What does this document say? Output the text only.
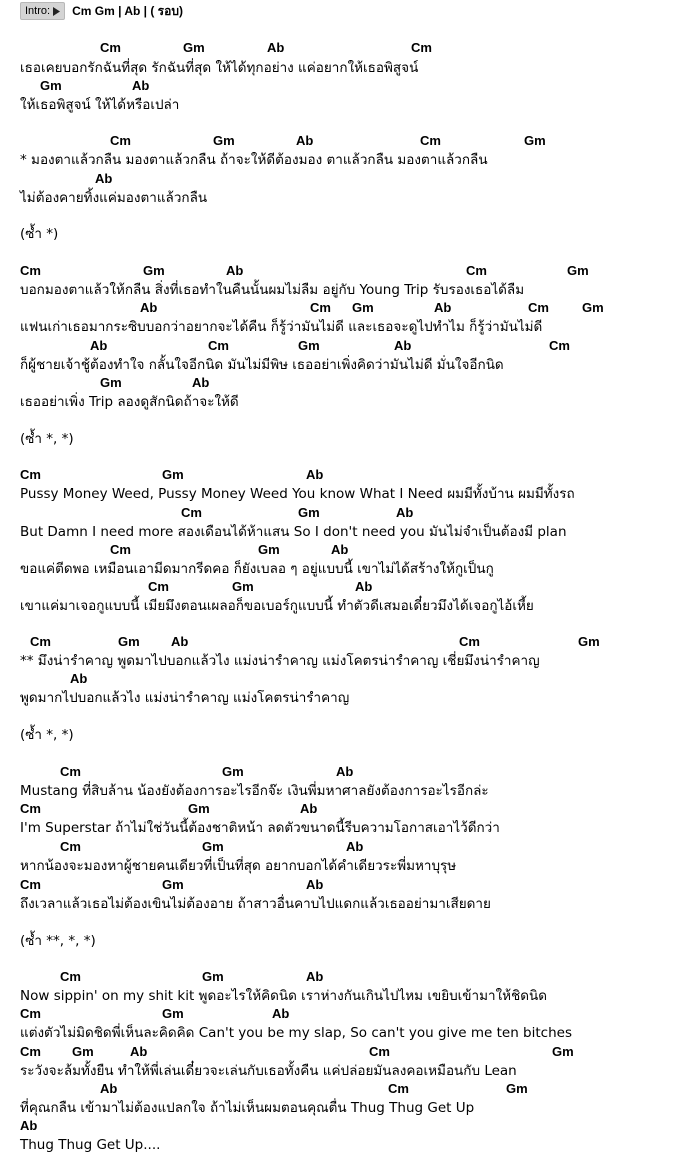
Intro: Cm Gm | Ab | ( รอบ)
Cm	Gm	Ab	Cm
เธอเคยบอกรักฉันที่สุด รักฉันที่สุด ให้ได้ทุกอย่าง แค่อยากให้เธอพิสูจน์
Gm	Ab
ให้เธอพิสูจน์ ให้ได้หรือเปล่า
Cm	Gm	Ab	Cm	Gm
* มองตาแล้วกลืน มองตาแล้วกลืน ถ้าจะให้ดีต้องมอง ตาแล้วกลืน มองตาแล้วกลืน
Ab
ไม่ต้องคายทิ้งแค่มองตาแล้วกลืน
(ซ้ำ *)
Cm	Gm	Ab	Cm	Gm
บอกมองตาแล้วให้กลืน สิ่งที่เธอทำในคืนนั้นผมไม่ลืม อยู่กับ Young Trip รับรองเธอได้ลืม
Ab	Cm Gm	Ab	Cm	Gm
แฟนเก่าเธอมากระซิบบอกว่าอยากจะได้คืน ก็รู้ว่ามันไม่ดี และเธอจะดูไปทำไม ก็รู้ว่ามันไม่ดี
Ab	Cm	Gm	Ab	Cm
ก็ผู้ชายเจ้าชู้ต้องทำใจ กลั้นใจอีกนิด มันไม่มีพิษ เธออย่าเพิ่งคิดว่ามันไม่ดี มั่นใจอีกนิด
Gm	Ab
เธออย่าเพิ่ง Trip ลองดูสักนิดถ้าจะให้ดี
(ซ้ำ *, *)
Cm	Gm	Ab
Pussy Money Weed, Pussy Money Weed You know What I Need ผมมีทั้งบ้าน ผมมีทั้งรถ
Cm	Gm	Ab
But Damn I need more สองเดือนได้ห้าแสน So I don't need you มันไม่จำเป็นต้องมี plan
Cm	Gm	Ab
ขอแค่ตีดพอ เหมือนเอามีดมากรีดคอ ก็ยังเบลอ ๆ อยู่แบบนี้ เขาไม่ได้สร้างให้กูเป็นกู
Cm	Gm	Ab
เขาแค่มาเจอกูแบบนี้ เมียมึงตอนเผลอก็ขอเบอร์กูแบบนี้ ทำตัวดีเสมอเดี๋ยวมึงได้เจอกูไอ้เหี้ย
Cm	Gm Ab	Cm	Gm
** มึงน่ารำคาญ พูดมาไปบอกแล้วไง แม่งน่ารำคาญ แม่งโคตรน่ารำคาญ เชี่ยมึงน่ารำคาญ
Ab
พูดมากไปบอกแล้วไง แม่งน่ารำคาญ แม่งโคตรน่ารำคาญ
(ซ้ำ *, *)
Cm	Gm	Ab
Mustang ที่สิบล้าน น้องยังต้องการอะไรอีกจ๊ะ เงินพี่มหาศาลยังต้องการอะไรอีกล่ะ
Cm	Gm	Ab
I'm Superstar ถ้าไม่ใช่วันนี้ต้องชาติหน้า ลดตัวขนาดนี้รีบความโอกาสเอาไว้ดีกว่า
Cm	Gm	Ab
หากน้องจะมองหาผู้ชายคนเดียวที่เป็นที่สุด อยากบอกได้คำเดียวระพี่มหาบุรุษ
Cm	Gm	Ab
ถึงเวลาแล้วเธอไม่ต้องเขินไม่ต้องอาย ถ้าสาวอื่นคาบไปแดกแล้วเธออย่ามาเสียดาย
(ซ้ำ **, *, *)
Cm	Gm	Ab
Now sippin' on my shit kit พูดอะไรให้คิดนิด เราห่างกันเกินไปไหม เขยิบเข้ามาให้ชิดนิด
Cm	Gm	Ab
แต่งตัวไม่มิดชิดพี่เห็นละคิดคิด Can't you be my slap, So can't you give me ten bitches
Cm Gm	Ab	Cm	Gm
ระวังจะล้มทั้งยืน ทำให้พี่เล่นเดี๋ยวจะเล่นกับเธอทั้งคืน แค่ปล่อยมันลงคอเหมือนกับ Lean
Ab	Cm	Gm
ที่คุณกลืน เข้ามาไม่ต้องแปลกใจ ถ้าไม่เห็นผมตอนคุณตื่น Thug Thug Get Up
Ab
Thug Thug Get Up....
